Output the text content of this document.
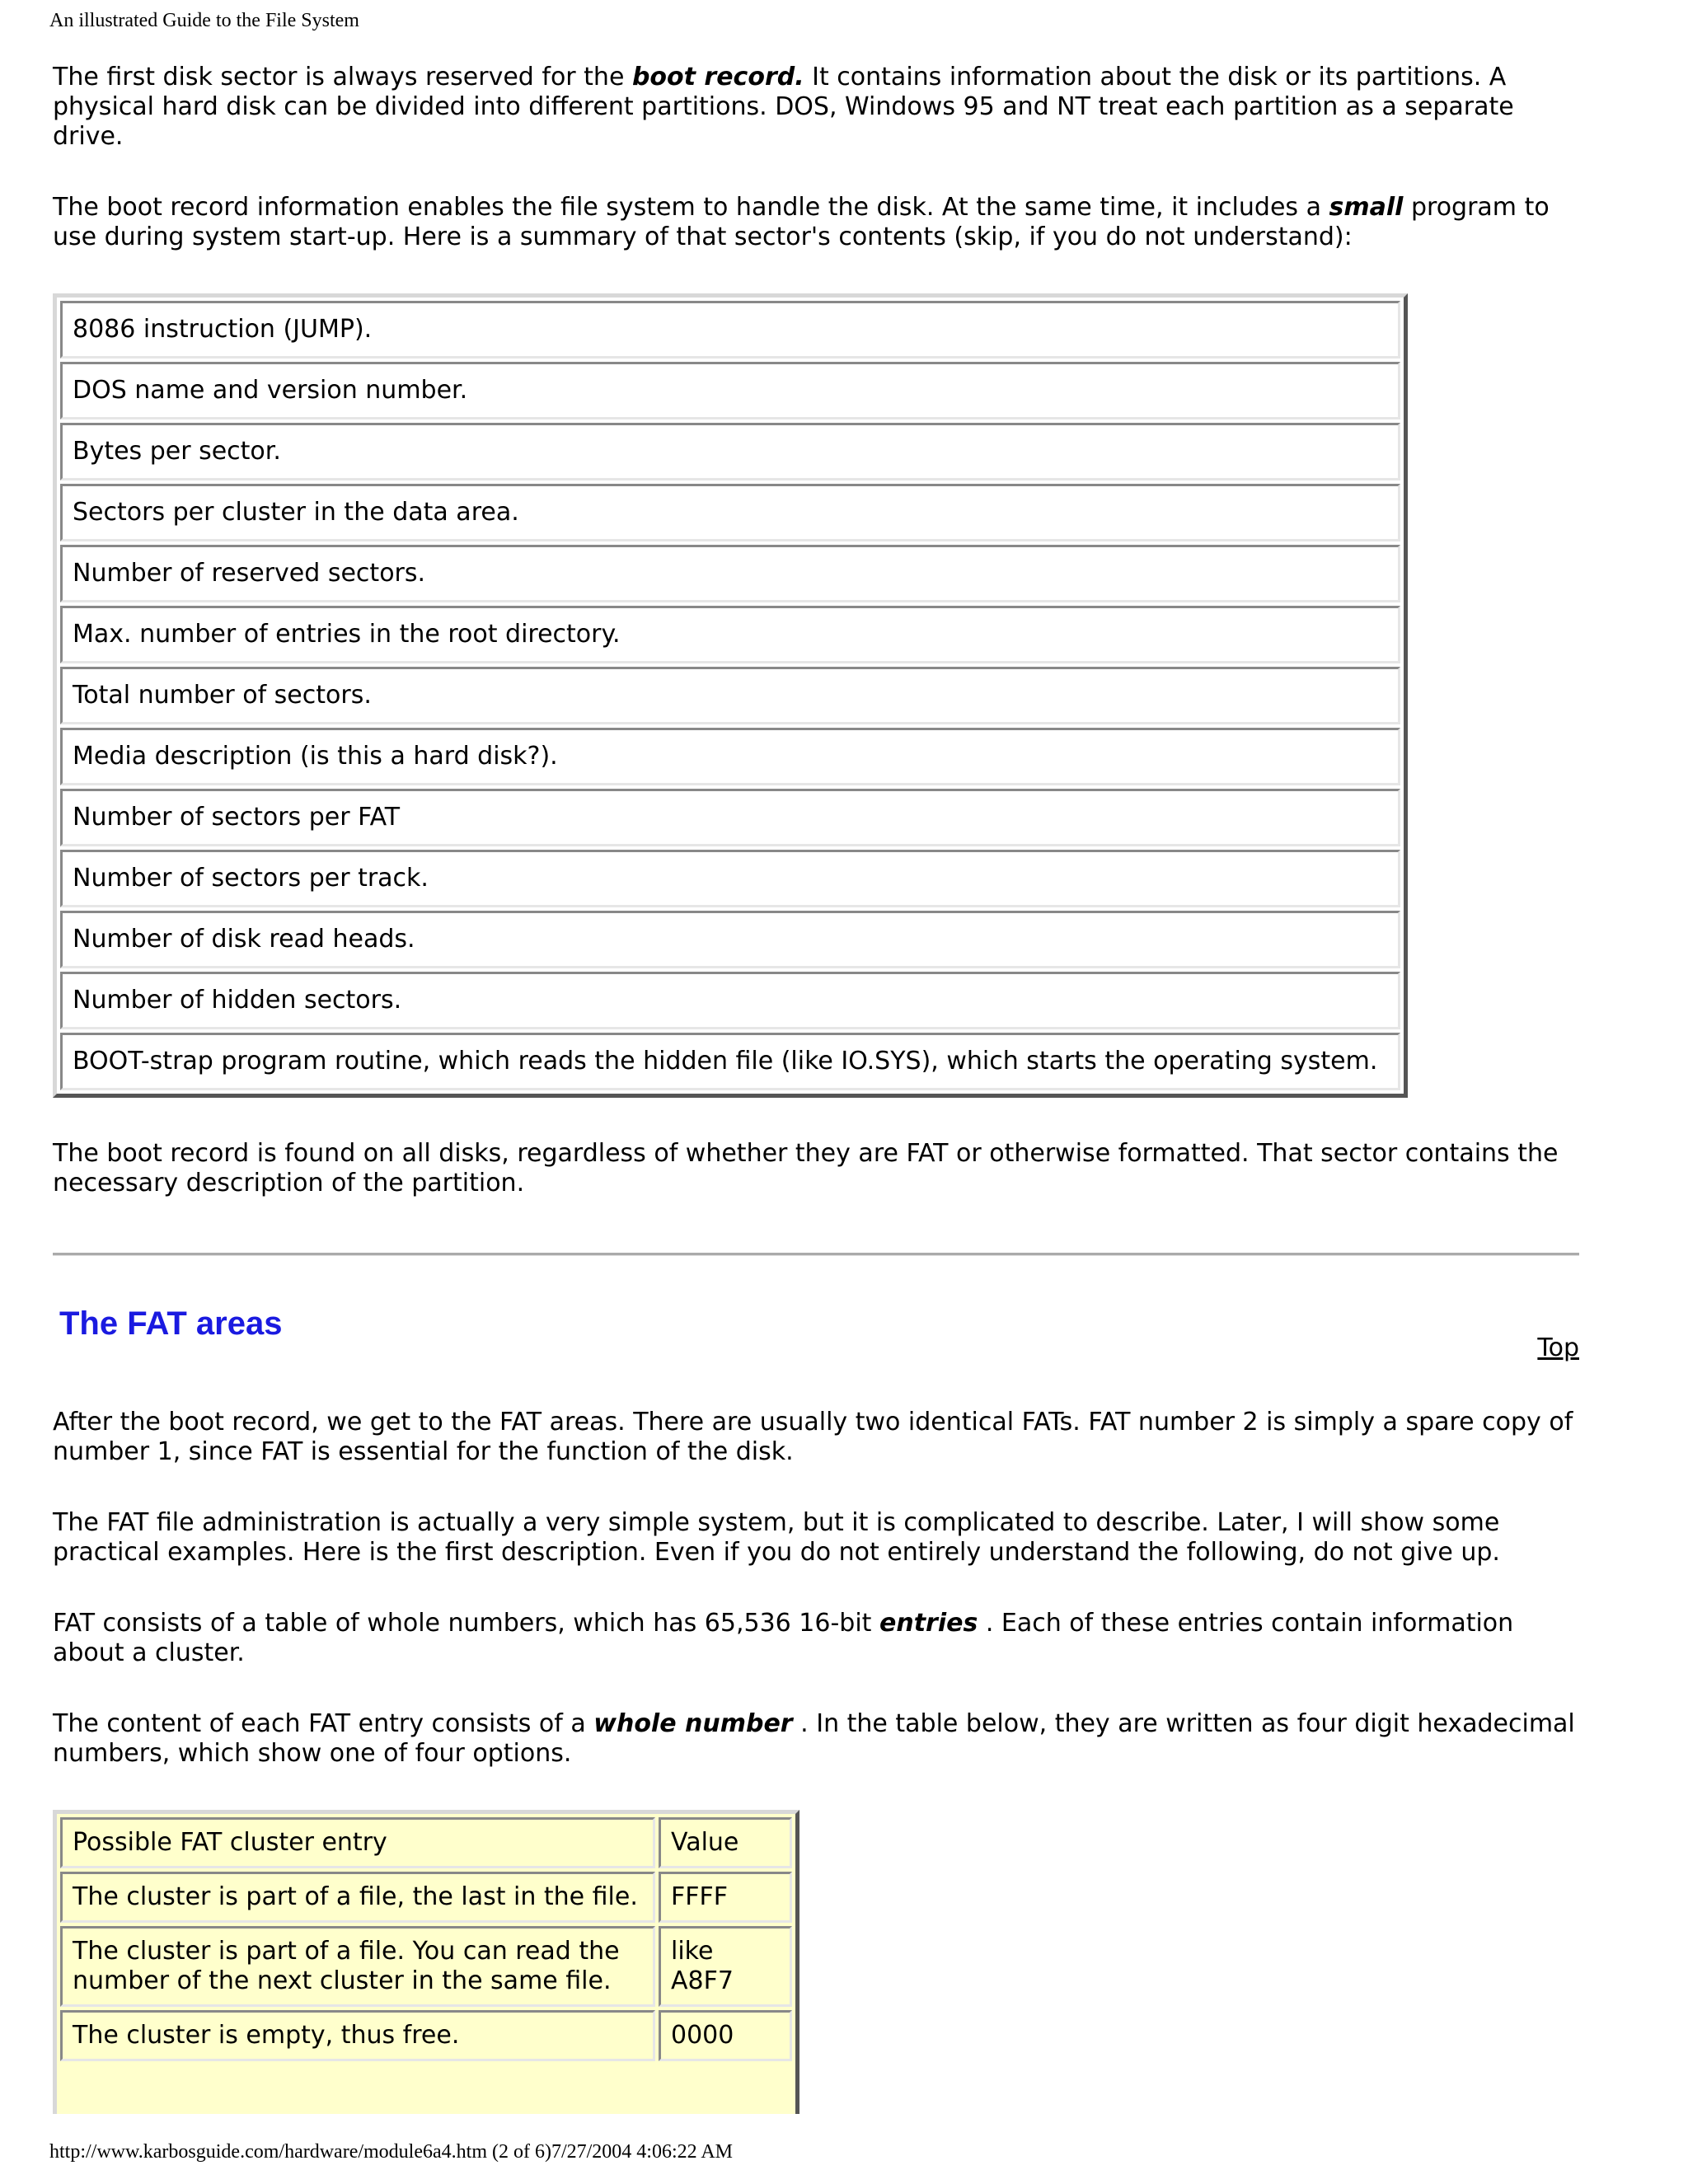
An illustrated Guide to the File System

The first disk sector is always reserved for the boot record. It contains information about the disk or its partitions. A physical hard disk can be divided into different partitions. DOS, Windows 95 and NT treat each partition as a separate drive.

The boot record information enables the file system to handle the disk. At the same time, it includes a small program to use during system start-up. Here is a summary of that sector's contents (skip, if you do not understand):

8086 instruction (JUMP).
DOS name and version number.
Bytes per sector.
Sectors per cluster in the data area.
Number of reserved sectors.
Max. number of entries in the root directory.
Total number of sectors.
Media description (is this a hard disk?).
Number of sectors per FAT
Number of sectors per track.
Number of disk read heads.
Number of hidden sectors.
BOOT-strap program routine, which reads the hidden file (like IO.SYS), which starts the operating system.

The boot record is found on all disks, regardless of whether they are FAT or otherwise formatted. That sector contains the necessary description of the partition.

The FAT areas
Top

After the boot record, we get to the FAT areas. There are usually two identical FATs. FAT number 2 is simply a spare copy of number 1, since FAT is essential for the function of the disk.

The FAT file administration is actually a very simple system, but it is complicated to describe. Later, I will show some practical examples. Here is the first description. Even if you do not entirely understand the following, do not give up.

FAT consists of a table of whole numbers, which has 65,536 16-bit entries . Each of these entries contain information about a cluster.

The content of each FAT entry consists of a whole number . In the table below, they are written as four digit hexadecimal numbers, which show one of four options.

Possible FAT cluster entry	Value
The cluster is part of a file, the last in the file.	FFFF
The cluster is part of a file. You can read the number of the next cluster in the same file.	like A8F7
The cluster is empty, thus free.	0000

http://www.karbosguide.com/hardware/module6a4.htm (2 of 6)7/27/2004 4:06:22 AM
